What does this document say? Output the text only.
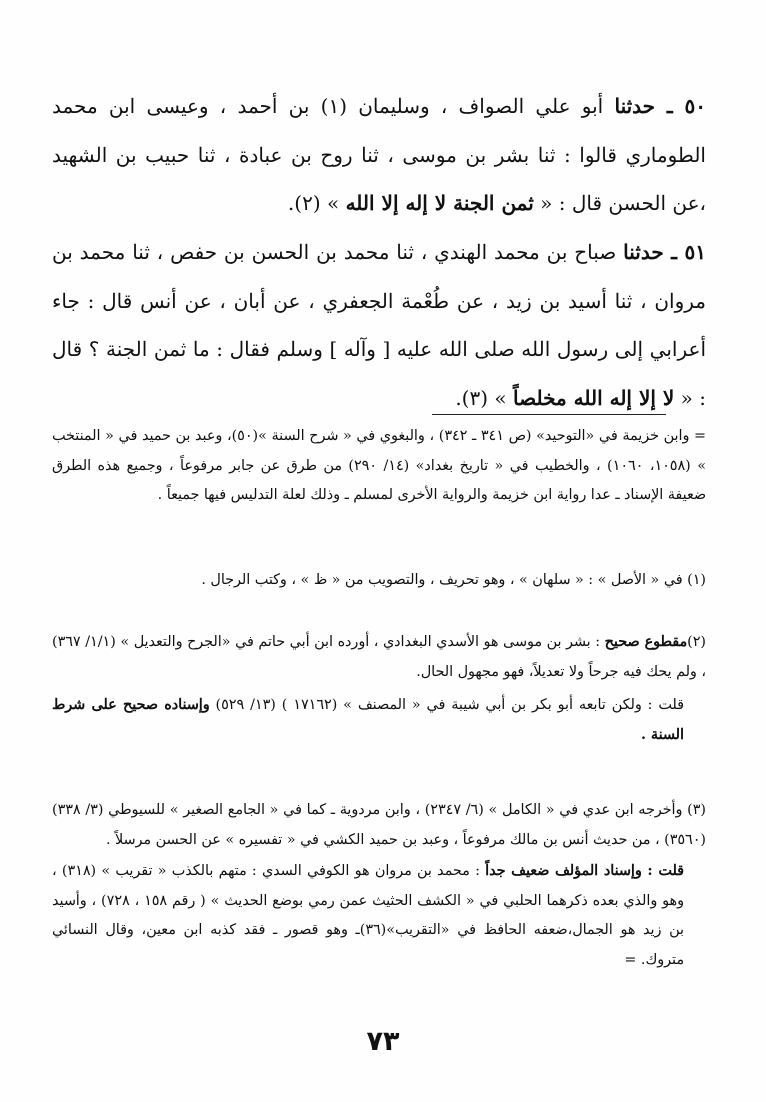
٥٠ ـ حدثنا أبو علي الصواف ، وسليمان (١) بن أحمد ، وعيسى ابن محمد الطوماري قالوا : ثنا بشر بن موسى ، ثنا روح بن عبادة ، ثنا حبيب بن الشهيد ،عن الحسن قال : « ثمن الجنة لا إله إلا الله » (٢).

٥١ ـ حدثنا صباح بن محمد الهندي ، ثنا محمد بن الحسن بن حفص ، ثنا محمد بن مروان ، ثنا أسيد بن زيد ، عن طُعْمة الجعفري ، عن أبان ، عن أنس قال : جاء أعرابي إلى رسول الله صلى الله عليه [ وآله ] وسلم فقال : ما ثمن الجنة ؟ قال : « لا إلا إله الله مخلصاً » (٣).

= وابن خزيمة في «التوحيد» (ص ٣٤١ ـ ٣٤٢) ، والبغوي في « شرح السنة »(٥٠)، وعبد بن حميد في « المنتخب » (١٠٥٨، ١٠٦٠) ، والخطيب في « تاريخ بغداد» (١٤/ ٢٩٠) من طرق عن جابر مرفوعاً ، وجميع هذه الطرق ضعيفة الإسناد ـ عدا رواية ابن خزيمة والرواية الأخرى لمسلم ـ وذلك لعلة التدليس فيها جميعاً .

(١) في « الأصل » : « سلهان » ، وهو تحريف ، والتصويب من « ظ » ، وكتب الرجال .

(٢)مقطوع صحيح : بشر بن موسى هو الأسدي البغدادي ، أورده ابن أبي حاتم في «الجرح والتعديل » (١/١/ ٣٦٧) ، ولم يحك فيه جرحاً ولا تعديلاً، فهو مجهول الحال.

قلت : ولكن تابعه أبو بكر بن أبي شيبة في « المصنف » (١٧١٦٢ ) (١٣/ ٥٢٩) وإسناده صحيح على شرط السنة .

(٣) وأخرجه ابن عدي في « الكامل » (٦/ ٢٣٤٧) ، وابن مردوية ـ كما في « الجامع الصغير » للسيوطي (٣/ ٣٣٨) (٣٥٦٠) ، من حديث أنس بن مالك مرفوعاً ، وعبد بن حميد الكشي في « تفسيره » عن الحسن مرسلاً .

قلت : وإسناد المؤلف ضعيف جداً : محمد بن مروان هو الكوفي السدي : متهم بالكذب « تقريب » (٣١٨) ، وهو والذي بعده ذكرهما الحلبي في « الكشف الحثيث عمن رمي بوضع الحديث » ( رقم ١٥٨ ، ٧٢٨) ، وأسيد بن زيد هو الجمال،ضعفه الحافظ في «التقريب»(٣٦)ـ وهو قصور ـ فقد كذبه ابن معين، وقال النسائي متروك. =

٧٣
